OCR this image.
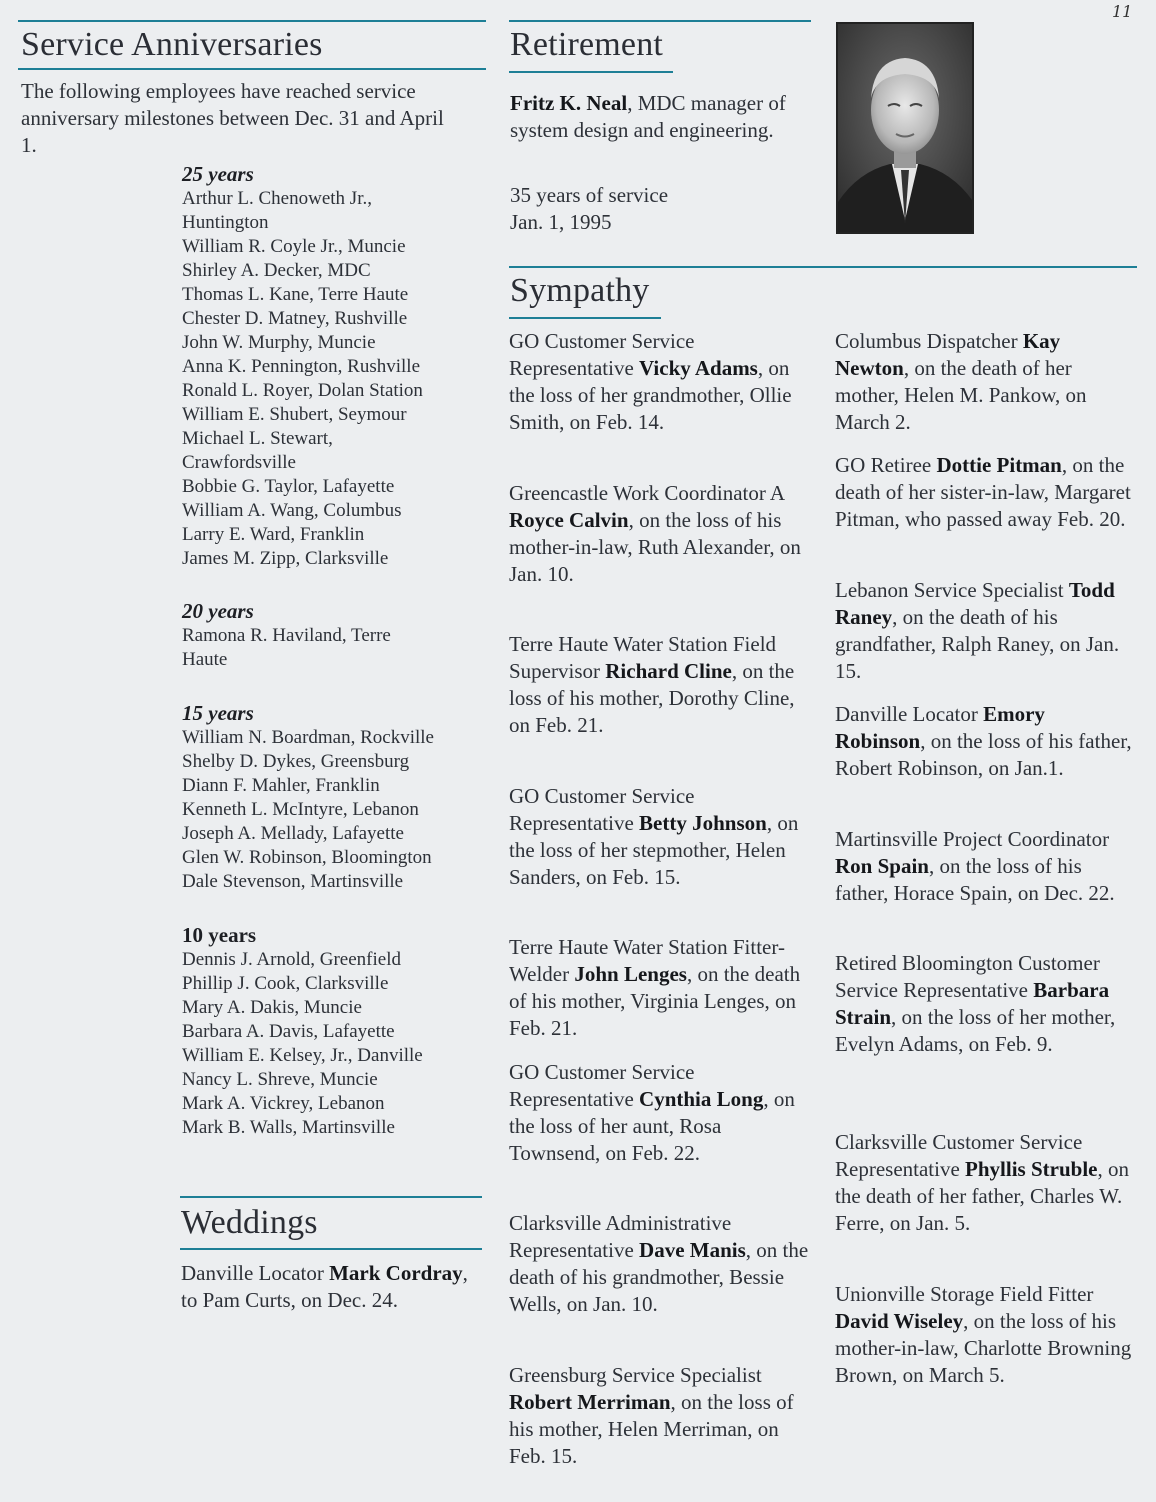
11
Service Anniversaries

The following employees have reached service anniversary milestones between Dec. 31 and April 1.

25 years
Arthur L. Chenoweth Jr., Huntington
William R. Coyle Jr., Muncie
Shirley A. Decker, MDC
Thomas L. Kane, Terre Haute
Chester D. Matney, Rushville
John W. Murphy, Muncie
Anna K. Pennington, Rushville
Ronald L. Royer, Dolan Station
William E. Shubert, Seymour
Michael L. Stewart, Crawfordsville
Bobbie G. Taylor, Lafayette
William A. Wang, Columbus
Larry E. Ward, Franklin
James M. Zipp, Clarksville
20 years
Ramona R. Haviland, Terre Haute
15 years
William N. Boardman, Rockville
Shelby D. Dykes, Greensburg
Diann F. Mahler, Franklin
Kenneth L. McIntyre, Lebanon
Joseph A. Mellady, Lafayette
Glen W. Robinson, Bloomington
Dale Stevenson, Martinsville
10 years
Dennis J. Arnold, Greenfield
Phillip J. Cook, Clarksville
Mary A. Dakis, Muncie
Barbara A. Davis, Lafayette
William E. Kelsey, Jr., Danville
Nancy L. Shreve, Muncie
Mark A. Vickrey, Lebanon
Mark B. Walls, Martinsville
Weddings

Danville Locator Mark Cordray, to Pam Curts, on Dec. 24.

Retirement

Fritz K. Neal, MDC manager of system design and engineering.

35 years of service

Jan. 1, 1995

Sympathy

GO Customer Service Representative Vicky Adams, on the loss of her grandmother, Ollie Smith, on Feb. 14.

Greencastle Work Coordinator A Royce Calvin, on the loss of his mother-in-law, Ruth Alexander, on Jan. 10.

Terre Haute Water Station Field Supervisor Richard Cline, on the loss of his mother, Dorothy Cline, on Feb. 21.

GO Customer Service Representative Betty Johnson, on the loss of her stepmother, Helen Sanders, on Feb. 15.

Terre Haute Water Station Fitter-Welder John Lenges, on the death of his mother, Virginia Lenges, on Feb. 21.

GO Customer Service Representative Cynthia Long, on the loss of her aunt, Rosa Townsend, on Feb. 22.

Clarksville Administrative Representative Dave Manis, on the death of his grandmother, Bessie Wells, on Jan. 10.

Greensburg Service Specialist Robert Merriman, on the loss of his mother, Helen Merriman, on Feb. 15.

Columbus Dispatcher Kay Newton, on the death of her mother, Helen M. Pankow, on March 2.

GO Retiree Dottie Pitman, on the death of her sister-in-law, Margaret Pitman, who passed away Feb. 20.

Lebanon Service Specialist Todd Raney, on the death of his grandfather, Ralph Raney, on Jan. 15.

Danville Locator Emory Robinson, on the loss of his father, Robert Robinson, on Jan.1.

Martinsville Project Coordinator Ron Spain, on the loss of his father, Horace Spain, on Dec. 22.

Retired Bloomington Customer Service Representative Barbara Strain, on the loss of her mother, Evelyn Adams, on Feb. 9.

Clarksville Customer Service Representative Phyllis Struble, on the death of her father, Charles W. Ferre, on Jan. 5.

Unionville Storage Field Fitter David Wiseley, on the loss of his mother-in-law, Charlotte Browning Brown, on March 5.
